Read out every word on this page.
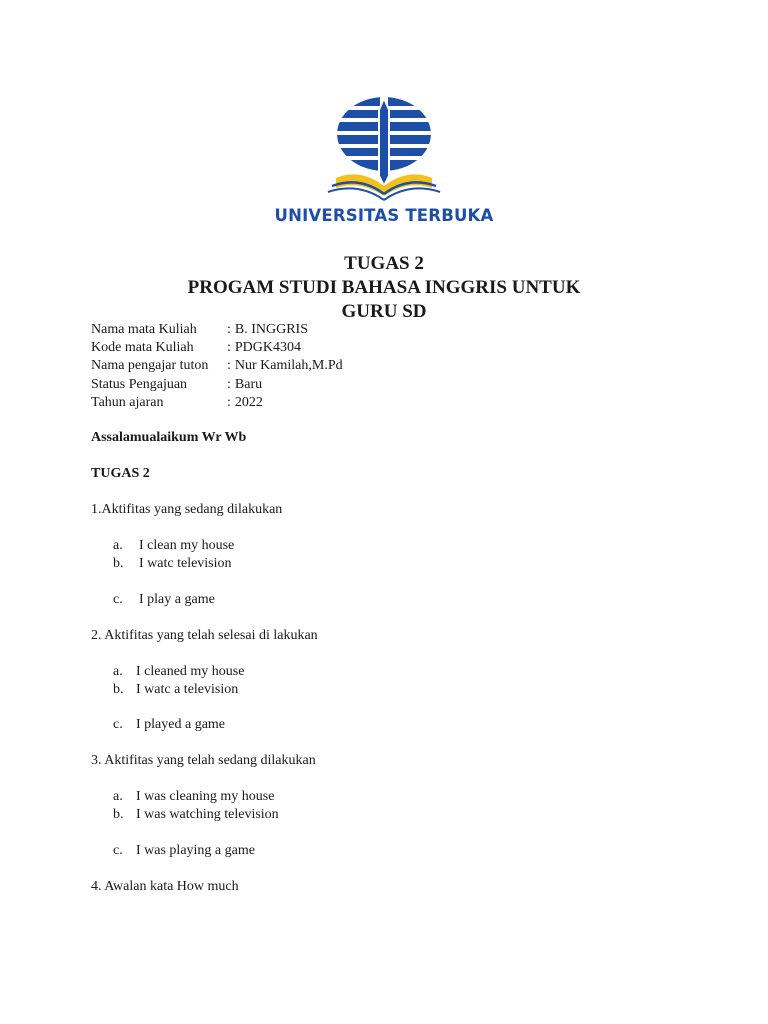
UNIVERSITAS TERBUKA
TUGAS 2
PROGAM STUDI BAHASA INGGRIS UNTUK
GURU SD
Nama mata Kuliah	: B. INGGRIS
Kode mata Kuliah	: PDGK4304
Nama pengajar tuton	: Nur Kamilah,M.Pd
Status Pengajuan	: Baru
Tahun ajaran	: 2022
Assalamualaikum Wr Wb
TUGAS 2
1.Aktifitas yang sedang dilakukan
a. I clean my house
b. I watc television
c. I play a game
2. Aktifitas yang telah selesai di lakukan
a. I cleaned my house
b. I watc a television
c. I played a game
3. Aktifitas yang telah sedang dilakukan
a. I was cleaning my house
b. I was watching television
c. I was playing a game
4. Awalan kata How much
